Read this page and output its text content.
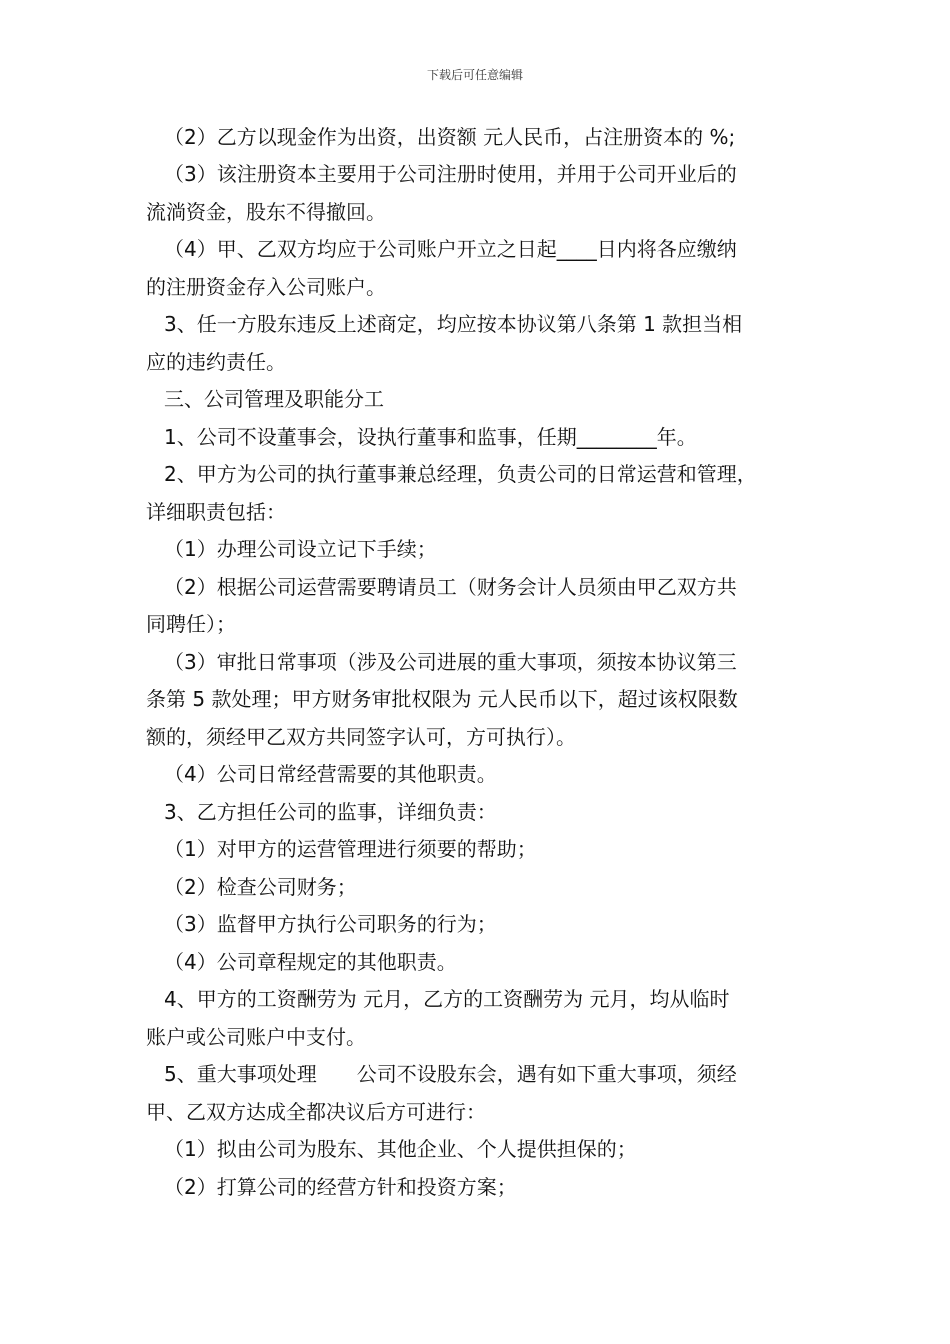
下载后可任意编辑
（2）乙方以现金作为出资，出资额 元人民币，占注册资本的 %;
（3）该注册资本主要用于公司注册时使用，并用于公司开业后的
流淌资金，股东不得撤回。
（4）甲、乙双方均应于公司账户开立之日起____日内将各应缴纳
的注册资金存入公司账户。
3、任一方股东违反上述商定，均应按本协议第八条第 1 款担当相
应的违约责任。
三、公司管理及职能分工
1、公司不设董事会，设执行董事和监事，任期________年。
2、甲方为公司的执行董事兼总经理，负责公司的日常运营和管理，
详细职责包括：
（1）办理公司设立记下手续；
（2）根据公司运营需要聘请员工（财务会计人员须由甲乙双方共
同聘任）；
（3）审批日常事项（涉及公司进展的重大事项，须按本协议第三
条第 5 款处理；甲方财务审批权限为 元人民币以下，超过该权限数
额的，须经甲乙双方共同签字认可，方可执行）。
（4）公司日常经营需要的其他职责。
3、乙方担任公司的监事，详细负责：
（1）对甲方的运营管理进行须要的帮助；
（2）检查公司财务；
（3）监督甲方执行公司职务的行为；
（4）公司章程规定的其他职责。
4、甲方的工资酬劳为 元月，乙方的工资酬劳为 元月，均从临时
账户或公司账户中支付。
5、重大事项处理　　公司不设股东会，遇有如下重大事项，须经
甲、乙双方达成全都决议后方可进行：
（1）拟由公司为股东、其他企业、个人提供担保的；
（2）打算公司的经营方针和投资方案；
